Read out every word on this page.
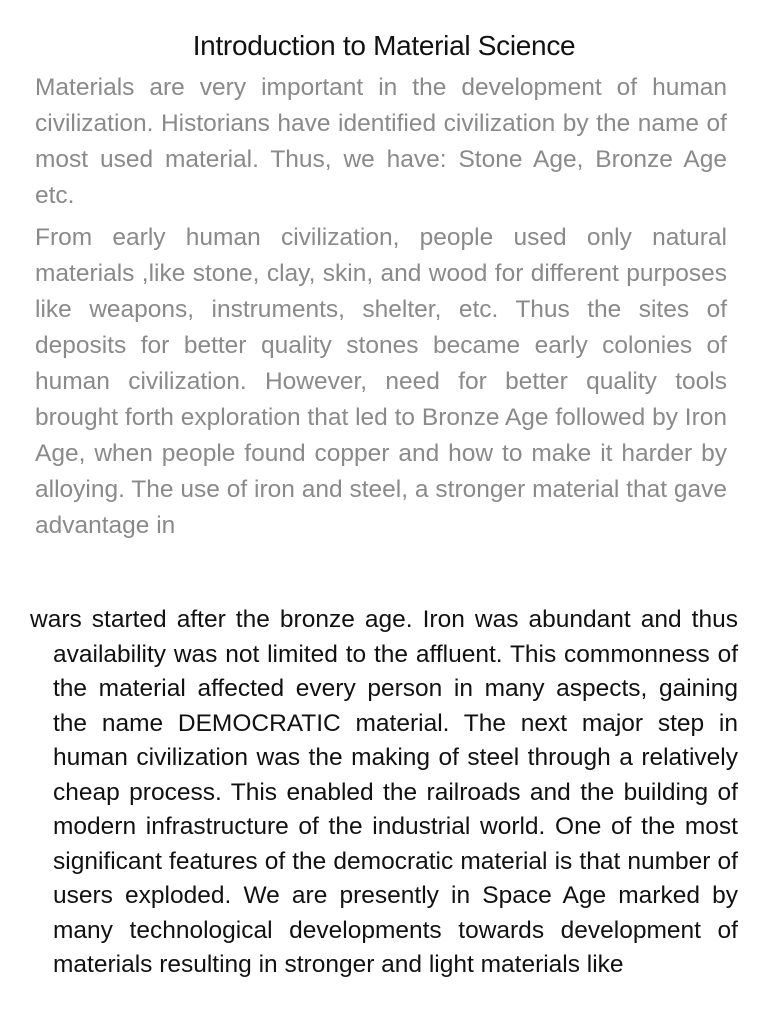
Introduction to Material Science

Materials are very important in the development of human civilization. Historians have identified civilization by the name of most used material. Thus, we have: Stone Age, Bronze Age etc.

From early human civilization, people used only natural materials ,like stone, clay, skin, and wood for different purposes like weapons, instruments, shelter, etc. Thus the sites of deposits for better quality stones became early colonies of human civilization. However, need for better quality tools brought forth exploration that led to Bronze Age followed by Iron Age, when people found copper and how to make it harder by alloying. The use of iron and steel, a stronger material that gave advantage in

wars started after the bronze age. Iron was abundant and thus availability was not limited to the affluent. This commonness of the material affected every person in many aspects, gaining the name DEMOCRATIC material. The next major step in human civilization was the making of steel through a relatively cheap process. This enabled the railroads and the building of modern infrastructure of the industrial world. One of the most significant features of the democratic material is that number of users exploded. We are presently in Space Age marked by many technological developments towards development of materials resulting in stronger and light materials like
